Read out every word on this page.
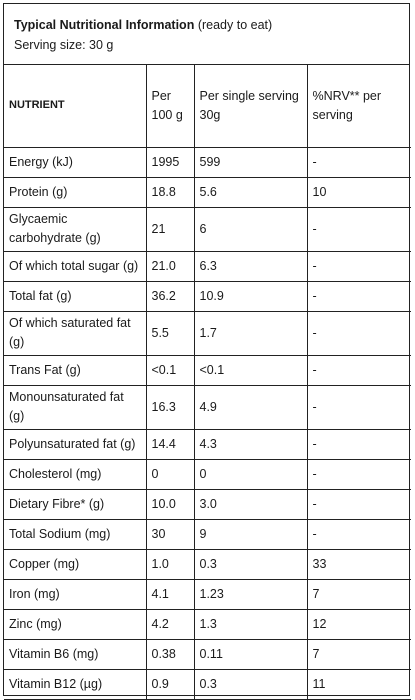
Typical Nutritional Information (ready to eat)
Serving size: 30 g
NUTRIENT	Per 100 g	Per single serving 30g	%NRV** per serving
Energy (kJ)	1995	599	-
Protein (g)	18.8	5.6	10
Glycaemic carbohydrate (g)	21	6	-
Of which total sugar (g)	21.0	6.3	-
Total fat (g)	36.2	10.9	-
Of which saturated fat (g)	5.5	1.7	-
Trans Fat (g)	<0.1	<0.1	-
Monounsaturated fat (g)	16.3	4.9	-
Polyunsaturated fat (g)	14.4	4.3	-
Cholesterol (mg)	0	0	-
Dietary Fibre* (g)	10.0	3.0	-
Total Sodium (mg)	30	9	-
Copper (mg)	1.0	0.3	33
Iron (mg)	4.1	1.23	7
Zinc (mg)	4.2	1.3	12
Vitamin B6 (mg)	0.38	0.11	7
Vitamin B12 (µg)	0.9	0.3	11
